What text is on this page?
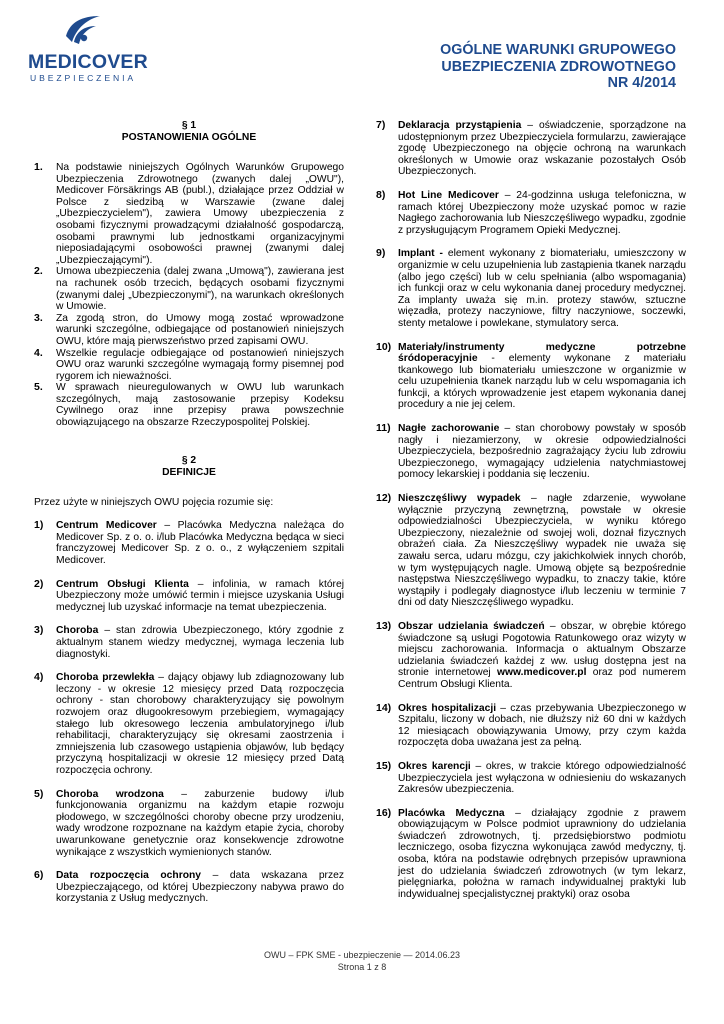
MEDICOVER
UBEZPIECZENIA
OGÓLNE WARUNKI GRUPOWEGO
UBEZPIECZENIA ZDROWOTNEGO
NR 4/2014
§ 1
POSTANOWIENIA OGÓLNE
1.	Na podstawie niniejszych Ogólnych Warunków Grupowego Ubezpieczenia Zdrowotnego (zwanych dalej „OWU"), Medicover Försäkrings AB (publ.), działające przez Oddział w Polsce z siedzibą w Warszawie (zwane dalej „Ubezpieczycielem"), zawiera Umowy ubezpieczenia z osobami fizycznymi prowadzącymi działalność gospodarczą, osobami prawnymi lub jednostkami organizacyjnymi nieposiadającymi osobowości prawnej (zwanymi dalej „Ubezpieczającymi").
2.	Umowa ubezpieczenia (dalej zwana „Umową"), zawierana jest na rachunek osób trzecich, będących osobami fizycznymi (zwanymi dalej „Ubezpieczonymi"), na warunkach określonych w Umowie.
3.	Za zgodą stron, do Umowy mogą zostać wprowadzone warunki szczególne, odbiegające od postanowień niniejszych OWU, które mają pierwszeństwo przed zapisami OWU.
4.	Wszelkie regulacje odbiegające od postanowień niniejszych OWU oraz warunki szczególne wymagają formy pisemnej pod rygorem ich nieważności.
5.	W sprawach nieuregulowanych w OWU lub warunkach szczególnych, mają zastosowanie przepisy Kodeksu Cywilnego oraz inne przepisy prawa powszechnie obowiązującego na obszarze Rzeczypospolitej Polskiej.
§ 2
DEFINICJE
Przez użyte w niniejszych OWU pojęcia rozumie się:
1)	Centrum Medicover – Placówka Medyczna należąca do Medicover Sp. z o. o. i/lub Placówka Medyczna będąca w sieci franczyzowej Medicover Sp. z o. o., z wyłączeniem szpitali Medicover.
2)	Centrum Obsługi Klienta – infolinia, w ramach której Ubezpieczony może umówić termin i miejsce uzyskania Usługi medycznej lub uzyskać informacje na temat ubezpieczenia.
3)	Choroba – stan zdrowia Ubezpieczonego, który zgodnie z aktualnym stanem wiedzy medycznej, wymaga leczenia lub diagnostyki.
4)	Choroba przewlekła – dający objawy lub zdiagnozowany lub leczony - w okresie 12 miesięcy przed Datą rozpoczęcia ochrony - stan chorobowy charakteryzujący się powolnym rozwojem oraz długookresowym przebiegiem, wymagający stałego lub okresowego leczenia ambulatoryjnego i/lub rehabilitacji, charakteryzujący się okresami zaostrzenia i zmniejszenia lub czasowego ustąpienia objawów, lub będący przyczyną hospitalizacji w okresie 12 miesięcy przed Datą rozpoczęcia ochrony.
5)	Choroba wrodzona – zaburzenie budowy i/lub funkcjonowania organizmu na każdym etapie rozwoju płodowego, w szczególności choroby obecne przy urodzeniu, wady wrodzone rozpoznane na każdym etapie życia, choroby uwarunkowane genetycznie oraz konsekwencje zdrowotne wynikające z wszystkich wymienionych stanów.
6)	Data rozpoczęcia ochrony – data wskazana przez Ubezpieczającego, od której Ubezpieczony nabywa prawo do korzystania z Usług medycznych.
7)	Deklaracja przystąpienia – oświadczenie, sporządzone na udostępnionym przez Ubezpieczyciela formularzu, zawierające zgodę Ubezpieczonego na objęcie ochroną na warunkach określonych w Umowie oraz wskazanie pozostałych Osób Ubezpieczonych.
8)	Hot Line Medicover – 24-godzinna usługa telefoniczna, w ramach której Ubezpieczony może uzyskać pomoc w razie Nagłego zachorowania lub Nieszczęśliwego wypadku, zgodnie z przysługującym Programem Opieki Medycznej.
9)	Implant - element wykonany z biomateriału, umieszczony w organizmie w celu uzupełnienia lub zastąpienia tkanek narządu (albo jego części) lub w celu spełniania (albo wspomagania) ich funkcji oraz w celu wykonania danej procedury medycznej. Za implanty uważa się m.in. protezy stawów, sztuczne więzadła, protezy naczyniowe, filtry naczyniowe, soczewki, stenty metalowe i powlekane, stymulatory serca.
10) Materiały/instrumenty medyczne potrzebne śródoperacyjnie - elementy wykonane z materiału tkankowego lub biomateriału umieszczone w organizmie w celu uzupełnienia tkanek narządu lub w celu wspomagania ich funkcji, a których wprowadzenie jest etapem wykonania danej procedury a nie jej celem.
11) Nagłe zachorowanie – stan chorobowy powstały w sposób nagły i niezamierzony, w okresie odpowiedzialności Ubezpieczyciela, bezpośrednio zagrażający życiu lub zdrowiu Ubezpieczonego, wymagający udzielenia natychmiastowej pomocy lekarskiej i poddania się leczeniu.
12) Nieszczęśliwy wypadek – nagłe zdarzenie, wywołane wyłącznie przyczyną zewnętrzną, powstałe w okresie odpowiedzialności Ubezpieczyciela, w wyniku którego Ubezpieczony, niezależnie od swojej woli, doznał fizycznych obrażeń ciała. Za Nieszczęśliwy wypadek nie uważa się zawału serca, udaru mózgu, czy jakichkolwiek innych chorób, w tym występujących nagle. Umową objęte są bezpośrednie następstwa Nieszczęśliwego wypadku, to znaczy takie, które wystąpiły i podlegały diagnostyce i/lub leczeniu w terminie 7 dni od daty Nieszczęśliwego wypadku.
13) Obszar udzielania świadczeń – obszar, w obrębie którego świadczone są usługi Pogotowia Ratunkowego oraz wizyty w miejscu zachorowania. Informacja o aktualnym Obszarze udzielania świadczeń każdej z ww. usług dostępna jest na stronie internetowej www.medicover.pl oraz pod numerem Centrum Obsługi Klienta.
14) Okres hospitalizacji – czas przebywania Ubezpieczonego w Szpitalu, liczony w dobach, nie dłuższy niż 60 dni w każdych 12 miesiącach obowiązywania Umowy, przy czym każda rozpoczęta doba uważana jest za pełną.
15) Okres karencji – okres, w trakcie którego odpowiedzialność Ubezpieczyciela jest wyłączona w odniesieniu do wskazanych Zakresów ubezpieczenia.
16) Placówka Medyczna – działający zgodnie z prawem obowiązującym w Polsce podmiot uprawniony do udzielania świadczeń zdrowotnych, tj. przedsiębiorstwo podmiotu leczniczego, osoba fizyczna wykonująca zawód medyczny, tj. osoba, która na podstawie odrębnych przepisów uprawniona jest do udzielania świadczeń zdrowotnych (w tym lekarz, pielęgniarka, położna w ramach indywidualnej praktyki lub indywidualnej specjalistycznej praktyki) oraz osoba
OWU – FPK SME - ubezpieczenie — 2014.06.23
Strona 1 z 8
